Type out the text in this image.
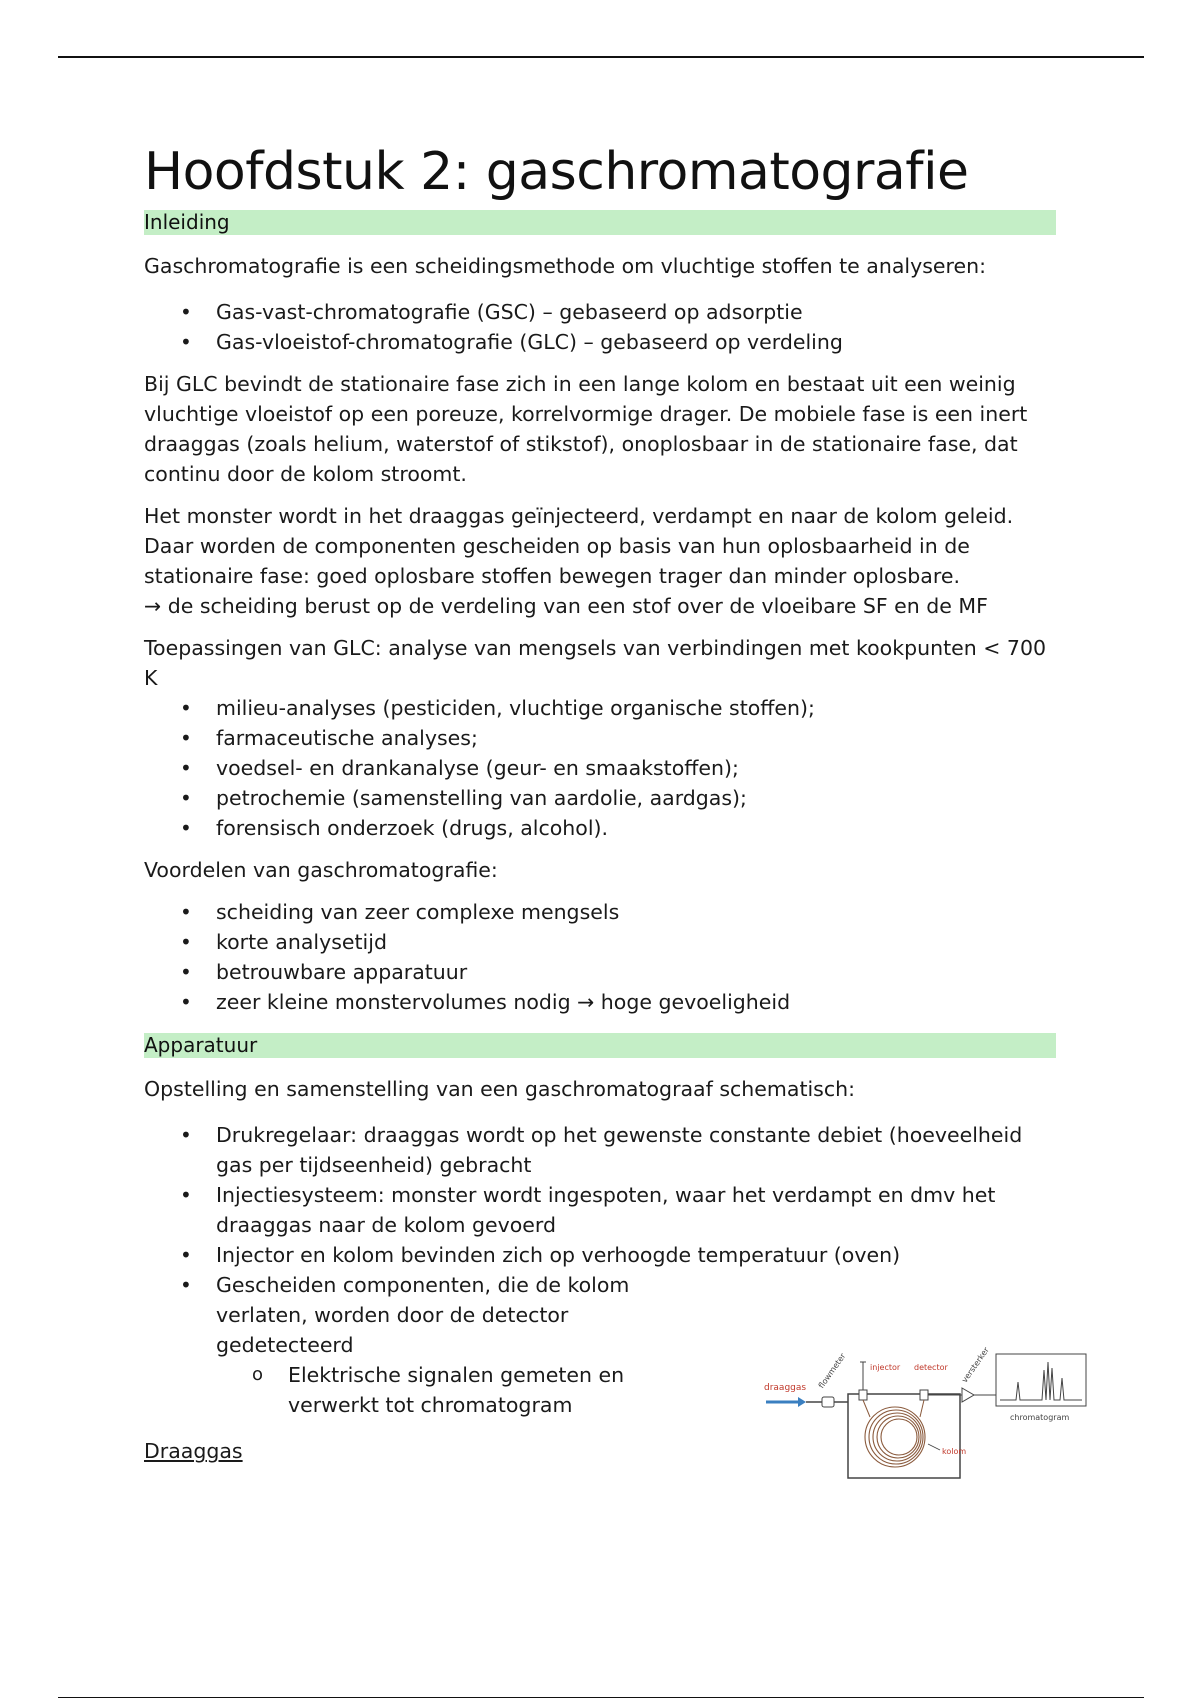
Hoofdstuk 2: gaschromatografie
Inleiding

Gaschromatografie is een scheidingsmethode om vluchtige stoffen te analyseren:

• Gas-vast-chromatografie (GSC) – gebaseerd op adsorptie
• Gas-vloeistof-chromatografie (GLC) – gebaseerd op verdeling

Bij GLC bevindt de stationaire fase zich in een lange kolom en bestaat uit een weinig vluchtige vloeistof op een poreuze, korrelvormige drager. De mobiele fase is een inert draaggas (zoals helium, waterstof of stikstof), onoplosbaar in de stationaire fase, dat continu door de kolom stroomt.

Het monster wordt in het draaggas geïnjecteerd, verdampt en naar de kolom geleid. Daar worden de componenten gescheiden op basis van hun oplosbaarheid in de stationaire fase: goed oplosbare stoffen bewegen trager dan minder oplosbare.

→ de scheiding berust op de verdeling van een stof over de vloeibare SF en de MF

Toepassingen van GLC: analyse van mengsels van verbindingen met kookpunten < 700 K

• milieu-analyses (pesticiden, vluchtige organische stoffen);
• farmaceutische analyses;
• voedsel- en drankanalyse (geur- en smaakstoffen);
• petrochemie (samenstelling van aardolie, aardgas);
• forensisch onderzoek (drugs, alcohol).

Voordelen van gaschromatografie:

• scheiding van zeer complexe mengsels
• korte analysetijd
• betrouwbare apparatuur
• zeer kleine monstervolumes nodig → hoge gevoeligheid
Apparatuur

Opstelling en samenstelling van een gaschromatograaf schematisch:

• Drukregelaar: draaggas wordt op het gewenste constante debiet (hoeveelheid gas per tijdseenheid) gebracht
• Injectiesysteem: monster wordt ingespoten, waar het verdampt en dmv het draaggas naar de kolom gevoerd
• Injector en kolom bevinden zich op verhoogde temperatuur (oven)
• Gescheiden componenten, die de kolom verlaten, worden door de detector gedetecteerd
o Elektrische signalen gemeten en verwerkt tot chromatogram

Draaggas

draaggas flowmeter	injector detector
kolom
versterker
chromatogram
